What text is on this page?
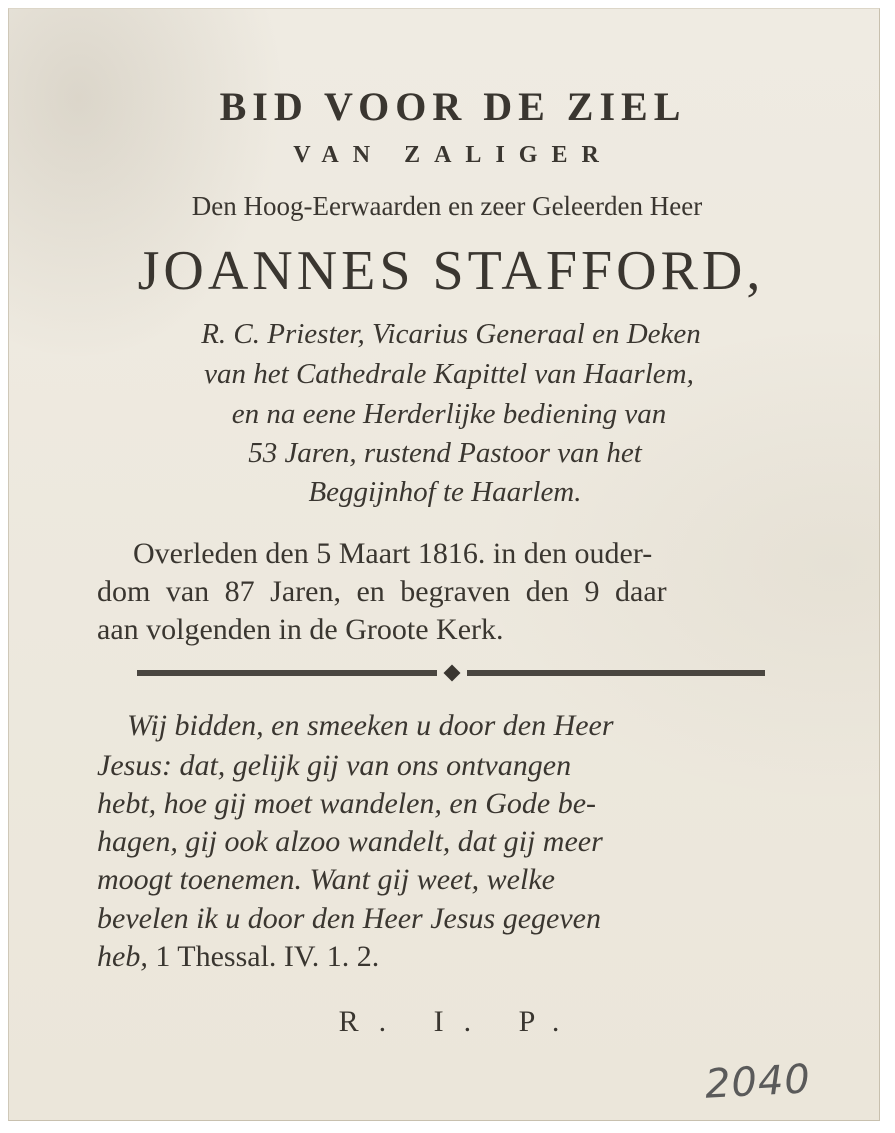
BID VOOR DE ZIEL
VAN ZALIGER
Den Hoog-Eerwaarden en zeer Geleerden Heer
JOANNES STAFFORD,
R. C. Priester, Vicarius Generaal en Deken
van het Cathedrale Kapittel van Haarlem,
en na eene Herderlijke bediening van
53 Jaren, rustend Pastoor van het
Beggijnhof te Haarlem.
Overleden den 5 Maart 1816. in den ouder-
dom van 87 Jaren, en begraven den 9 daar
aan volgenden in de Groote Kerk.
Wij bidden, en smeeken u door den Heer
Jesus: dat, gelijk gij van ons ontvangen
hebt, hoe gij moet wandelen, en Gode be-
hagen, gij ook alzoo wandelt, dat gij meer
moogt toenemen. Want gij weet, welke
bevelen ik u door den Heer Jesus gegeven
heb, 1 Thessal. IV. 1. 2.
R. I. P.
2040
